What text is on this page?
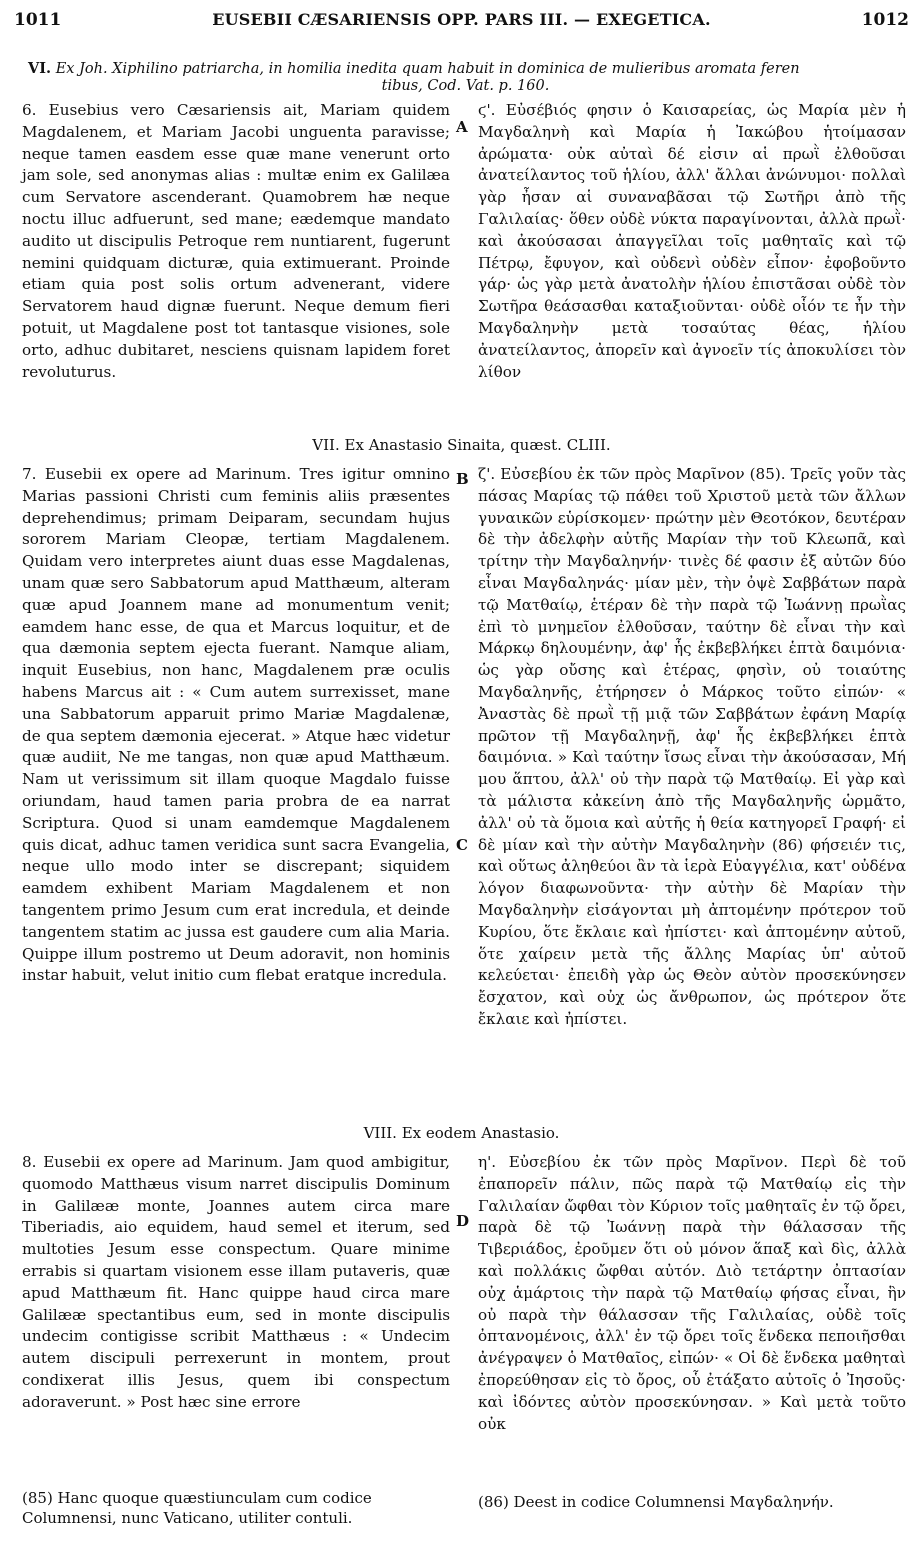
1011	EUSEBII CÆSARIENSIS OPP. PARS III. — EXEGETICA.	1012
VI. Ex Joh. Xiphilino patriarcha, in homilia inedita quam habuit in dominica de mulieribus aromata feren

tibus, Cod. Vat. p. 160.
6. Eusebius vero Cæsariensis ait, Mariam quidem Magdalenem, et Mariam Jacobi unguenta paravisse; neque tamen easdem esse quæ mane venerunt orto jam sole, sed anonymas alias : multæ enim ex Galilæa cum Servatore ascenderant. Quamobrem hæ neque noctu illuc adfuerunt, sed mane; eædemque mandato audito ut discipulis Petroque rem nuntiarent, fugerunt nemini quidquam dicturæ, quia extimuerant. Proinde etiam quia post solis ortum advenerant, videre Servatorem haud dignæ fuerunt. Neque demum fieri potuit, ut Magdalene post tot tantasque visiones, sole orto, adhuc dubitaret, nesciens quisnam lapidem foret revoluturus.
A
ϛ'. Εὐσέβιός φησιν ὁ Καισαρείας, ὡς Μαρία μὲν ἡ Μαγδαληνὴ καὶ Μαρία ἡ Ἰακώβου ἡτοίμασαν ἀρώματα· οὐκ αὐταὶ δέ εἰσιν αἱ πρωῒ ἐλθοῦσαι ἀνατείλαντος τοῦ ἡλίου, ἀλλ' ἄλλαι ἀνώνυμοι· πολλαὶ γὰρ ἦσαν αἱ συναναβᾶσαι τῷ Σωτῆρι ἀπὸ τῆς Γαλιλαίας· ὅθεν οὐδὲ νύκτα παραγίνονται, ἀλλὰ πρωῒ· καὶ ἀκούσασαι ἀπαγγεῖλαι τοῖς μαθηταῖς καὶ τῷ Πέτρῳ, ἔφυγον, καὶ οὐδενὶ οὐδὲν εἶπον· ἐφοβοῦντο γάρ· ὡς γὰρ μετὰ ἀνατολὴν ἡλίου ἐπιστᾶσαι οὐδὲ τὸν Σωτῆρα θεάσασθαι καταξιοῦνται· οὐδὲ οἷόν τε ἦν τὴν Μαγδαληνὴν μετὰ τοσαύτας θέας, ἡλίου ἀνατείλαντος, ἀπορεῖν καὶ ἀγνοεῖν τίς ἀποκυλίσει τὸν λίθον
VII. Ex Anastasio Sinaita, quæst. CLIII.
7. Eusebii ex opere ad Marinum. Tres igitur omnino Marias passioni Christi cum feminis aliis præsentes deprehendimus; primam Deiparam, secundam hujus sororem Mariam Cleopæ, tertiam Magdalenem. Quidam vero interpretes aiunt duas esse Magdalenas, unam quæ sero Sabbatorum apud Matthæum, alteram quæ apud Joannem mane ad monumentum venit; eamdem hanc esse, de qua et Marcus loquitur, et de qua dæmonia septem ejecta fuerant. Namque aliam, inquit Eusebius, non hanc, Magdalenem præ oculis habens Marcus ait : « Cum autem surrexisset, mane una Sabbatorum apparuit primo Mariæ Magdalenæ, de qua septem dæmonia ejecerat. » Atque hæc videtur quæ audiit, Ne me tangas, non quæ apud Matthæum. Nam ut verissimum sit illam quoque Magdalo fuisse oriundam, haud tamen paria probra de ea narrat Scriptura. Quod si unam eamdemque Magdalenem quis dicat, adhuc tamen veridica sunt sacra Evangelia, neque ullo modo inter se discrepant; siquidem eamdem exhibent Mariam Magdalenem et non tangentem primo Jesum cum erat incredula, et deinde tangentem statim ac jussa est gaudere cum alia Maria. Quippe illum postremo ut Deum adoravit, non hominis instar habuit, velut initio cum flebat eratque incredula.
B
C
ζ'. Εὐσεβίου ἐκ τῶν πρὸς Μαρῖνον (85). Τρεῖς γοῦν τὰς πάσας Μαρίας τῷ πάθει τοῦ Χριστοῦ μετὰ τῶν ἄλλων γυναικῶν εὑρίσκομεν· πρώτην μὲν Θεοτόκον, δευτέραν δὲ τὴν ἀδελφὴν αὐτῆς Μαρίαν τὴν τοῦ Κλεωπᾶ, καὶ τρίτην τὴν Μαγδαληνήν· τινὲς δέ φασιν ἐξ αὐτῶν δύο εἶναι Μαγδαληνάς· μίαν μὲν, τὴν ὀψὲ Σαββάτων παρὰ τῷ Ματθαίῳ, ἑτέραν δὲ τὴν παρὰ τῷ Ἰωάννῃ πρωῒας ἐπὶ τὸ μνημεῖον ἐλθοῦσαν, ταύτην δὲ εἶναι τὴν καὶ Μάρκῳ δηλουμένην, ἀφ' ἧς ἐκβεβλήκει ἑπτὰ δαιμόνια· ὡς γὰρ οὔσης καὶ ἑτέρας, φησὶν, οὐ τοιαύτης Μαγδαληνῆς, ἐτήρησεν ὁ Μάρκος τοῦτο εἰπών· « Ἀναστὰς δὲ πρωῒ τῇ μιᾷ τῶν Σαββάτων ἐφάνη Μαρίᾳ πρῶτον τῇ Μαγδαληνῇ, ἀφ' ἧς ἐκβεβλήκει ἑπτὰ δαιμόνια. » Καὶ ταύτην ἴσως εἶναι τὴν ἀκούσασαν, Μή μου ἅπτου, ἀλλ' οὐ τὴν παρὰ τῷ Ματθαίῳ. Εἰ γὰρ καὶ τὰ μάλιστα κἀκείνη ἀπὸ τῆς Μαγδαληνῆς ὡρμᾶτο, ἀλλ' οὐ τὰ ὅμοια καὶ αὐτῆς ἡ θεία κατηγορεῖ Γραφή· εἰ δὲ μίαν καὶ τὴν αὐτὴν Μαγδαληνὴν (86) φήσειέν τις, καὶ οὕτως ἀληθεύοι ἂν τὰ ἱερὰ Εὐαγγέλια, κατ' οὐδένα λόγον διαφωνοῦντα· τὴν αὐτὴν δὲ Μαρίαν τὴν Μαγδαληνὴν εἰσάγονται μὴ ἀπτομένην πρότερον τοῦ Κυρίου, ὅτε ἔκλαιε καὶ ἠπίστει· καὶ ἁπτομένην αὐτοῦ, ὅτε χαίρειν μετὰ τῆς ἄλλης Μαρίας ὑπ' αὐτοῦ κελεύεται· ἐπειδὴ γὰρ ὡς Θεὸν αὐτὸν προσεκύνησεν ἔσχατον, καὶ οὐχ ὡς ἄνθρωπον, ὡς πρότερον ὅτε ἔκλαιε καὶ ἠπίστει.
VIII. Ex eodem Anastasio.
8. Eusebii ex opere ad Marinum. Jam quod ambigitur, quomodo Matthæus visum narret discipulis Dominum in Galilææ monte, Joannes autem circa mare Tiberiadis, aio equidem, haud semel et iterum, sed multoties Jesum esse conspectum. Quare minime errabis si quartam visionem esse illam putaveris, quæ apud Matthæum fit. Hanc quippe haud circa mare Galilææ spectantibus eum, sed in monte discipulis undecim contigisse scribit Matthæus : « Undecim autem discipuli perrexerunt in montem, prout condixerat illis Jesus, quem ibi conspectum adoraverunt. » Post hæc sine errore
D
η'. Εὐσεβίου ἐκ τῶν πρὸς Μαρῖνον. Περὶ δὲ τοῦ ἐπαπορεῖν πάλιν, πῶς παρὰ τῷ Ματθαίῳ εἰς τὴν Γαλιλαίαν ὤφθαι τὸν Κύριον τοῖς μαθηταῖς ἐν τῷ ὄρει, παρὰ δὲ τῷ Ἰωάννῃ παρὰ τὴν θάλασσαν τῆς Τιβεριάδος, ἐροῦμεν ὅτι οὐ μόνον ἅπαξ καὶ δὶς, ἀλλὰ καὶ πολλάκις ὤφθαι αὐτόν. Διὸ τετάρτην ὀπτασίαν οὐχ ἁμάρτοις τὴν παρὰ τῷ Ματθαίῳ φήσας εἶναι, ἣν οὐ παρὰ τὴν θάλασσαν τῆς Γαλιλαίας, οὐδὲ τοῖς ὀπτανομένοις, ἀλλ' ἐν τῷ ὄρει τοῖς ἕνδεκα πεποιῆσθαι ἀνέγραψεν ὁ Ματθαῖος, εἰπών· « Οἱ δὲ ἕνδεκα μαθηταὶ ἐπορεύθησαν εἰς τὸ ὄρος, οὗ ἐτάξατο αὐτοῖς ὁ Ἰησοῦς· καὶ ἰδόντες αὐτὸν προσεκύνησαν. » Καὶ μετὰ τοῦτο οὐκ
(85) Hanc quoque quæstiunculam cum codice Columnensi, nunc Vaticano, utiliter contuli.
(86) Deest in codice Columnensi Μαγδαληνήν.
